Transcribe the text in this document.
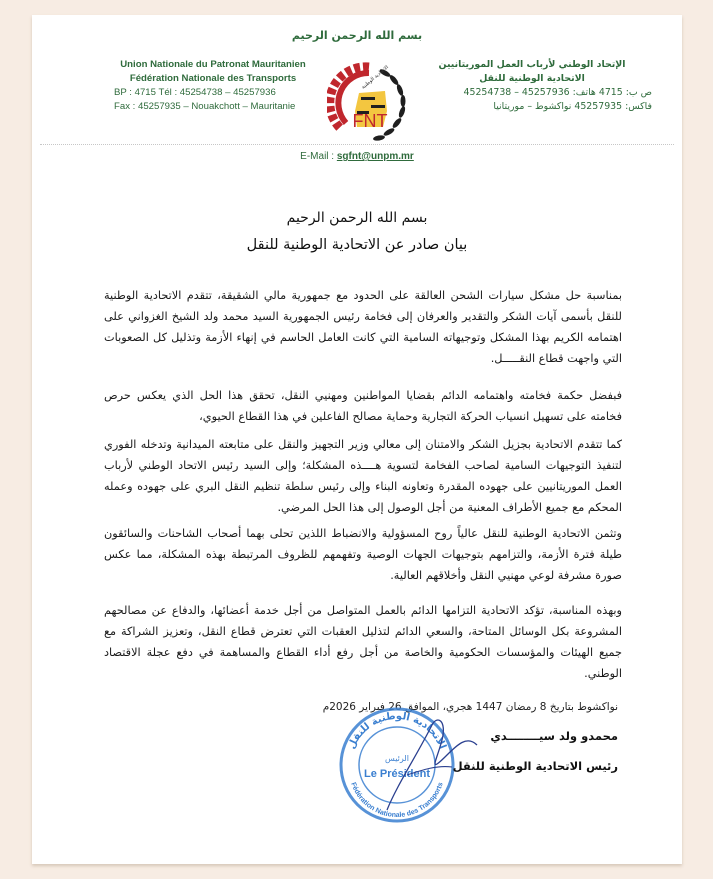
بسم الله الرحمن الرحيم
Union Nationale du Patronat Mauritanien
Fédération Nationale des Transports
BP : 4715 Tél : 45254738 – 45257936
Fax : 45257935 – Nouakchott – Mauritanie
FNT
الاتحادية الوطنية	الإتحاد الوطني لأرباب العمل الموريتانيين
الاتحادية الوطنية للنقل
ص ب: 4715 هاتف: 45257936 – 45254738
فاكس: 45257935 نواكشوط – موريتانيا
E-Mail : sgfnt@unpm.mr
بسم الله الرحمن الرحيم
بيان صادر عن الاتحادية الوطنية للنقل

بمناسبة حل مشكل سيارات الشحن العالقة على الحدود مع جمهورية مالي الشقيقة، تتقدم الاتحادية الوطنية للنقل بأسمى آيات الشكر والتقدير والعرفان إلى فخامة رئيس الجمهورية السيد محمد ولد الشيخ الغزواني على اهتمامه الكريم بهذا المشكل وتوجيهاته السامية التي كانت العامل الحاسم في إنهاء الأزمة وتذليل كل الصعوبات التي واجهت قطاع النقـــــل.

فبفضل حكمة فخامته واهتمامه الدائم بقضايا المواطنين ومهنيي النقل، تحقق هذا الحل الذي يعكس حرص فخامته على تسهيل انسياب الحركة التجارية وحماية مصالح الفاعلين في هذا القطاع الحيوي،

كما تتقدم الاتحادية بجزيل الشكر والامتنان إلى معالي وزير التجهيز والنقل على متابعته الميدانية وتدخله الفوري لتنفيذ التوجيهات السامية لصاحب الفخامة لتسوية هــــذه المشكلة؛ وإلى السيد رئيس الاتحاد الوطني لأرباب العمل الموريتانيين على جهوده المقدرة وتعاونه البناء وإلى رئيس سلطة تنظيم النقل البري على جهوده وعمله المحكم مع جميع الأطراف المعنية من أجل الوصول إلى هذا الحل المرضي.

وتثمن الاتحادية الوطنية للنقل عالياً روح المسؤولية والانضباط اللذين تحلى بهما أصحاب الشاحنات والسائقون طيلة فترة الأزمة، والتزامهم بتوجيهات الجهات الوصية وتفهمهم للظروف المرتبطة بهذه المشكلة، مما عكس صورة مشرفة لوعي مهنيي النقل وأخلاقهم العالية.

وبهذه المناسبة، تؤكد الاتحادية التزامها الدائم بالعمل المتواصل من أجل خدمة أعضائها، والدفاع عن مصالحهم المشروعة بكل الوسائل المتاحة، والسعي الدائم لتذليل العقبات التي تعترض قطاع النقل، وتعزيز الشراكة مع جميع الهيئات والمؤسسات الحكومية والخاصة من أجل رفع أداء القطاع والمساهمة في دفع عجلة الاقتصاد الوطني.

نواكشوط بتاريخ 8 رمضان 1447 هجري، الموافق 26 فبراير 2026م
الرئيس
Le Président
الاتحادية الوطنية للنقل
Fédération Nationale des Transports
محمدو ولد سيــــــــدي
رئيس الاتحادية الوطنية للنقل
